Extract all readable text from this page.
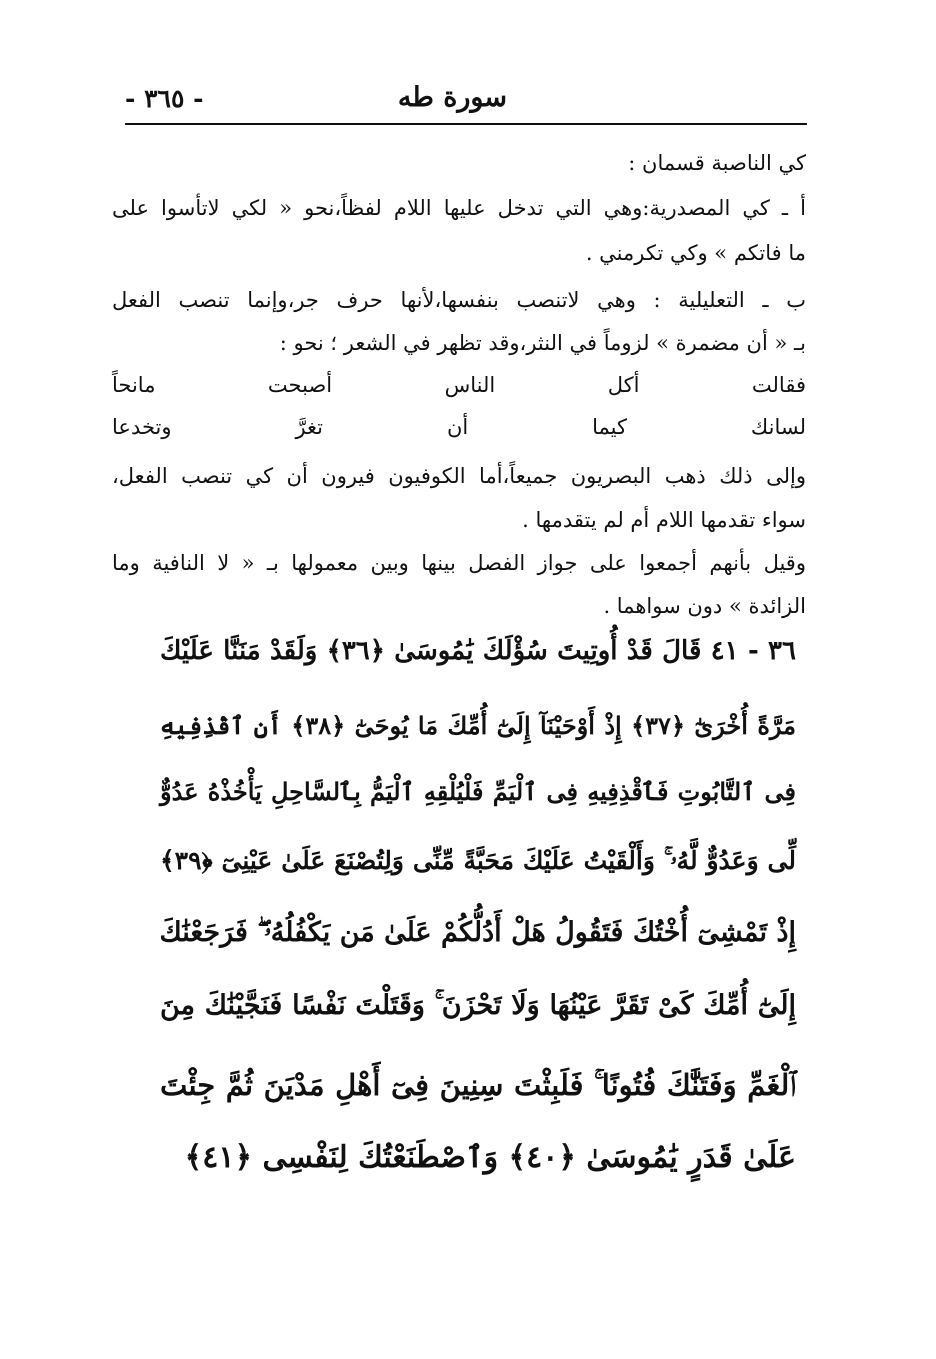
سورة طه
- ٣٦٥ -
كي الناصبة قسمان :
أ ـ كي المصدرية:وهي التي تدخل عليها اللام لفظاً،نحو « لكي لاتأسوا على
ما فاتكم » وكي تكرمني .
ب ـ التعليلية : وهي لاتنصب بنفسها،لأنها حرف جر،وإنما تنصب الفعل
بـ « أن مضمرة » لزوماً في النثر،وقد تظهر في الشعر ؛ نحو :
فقالت أكل الناس أصبحت مانحاً
لسانك
كيما
أن
تغرَّ
وتخدعا
وإلى ذلك ذهب البصريون جميعاً،أما الكوفيون فيرون أن كي تنصب الفعل،
سواء تقدمها اللام أم لم يتقدمها .
وقيل بأنهم أجمعوا على جواز الفصل بينها وبين معمولها بـ « لا النافية وما
الزائدة » دون سواهما .
٣٦ - ٤١ قَالَ قَدْ أُوتِيتَ سُؤْلَكَ يَٰمُوسَىٰ ﴿٣٦﴾ وَلَقَدْ مَنَنَّا عَلَيْكَ
مَرَّةً أُخْرَىٰٓ ﴿٣٧﴾ إِذْ أَوْحَيْنَآ إِلَىٰٓ أُمِّكَ مَا يُوحَىٰٓ ﴿٣٨﴾ أَنِ ٱقْذِفِيهِ
فِى ٱلتَّابُوتِ فَٱقْذِفِيهِ فِى ٱلْيَمِّ فَلْيُلْقِهِ ٱلْيَمُّ بِٱلسَّاحِلِ يَأْخُذْهُ عَدُوٌّ
لِّى وَعَدُوٌّ لَّهُۥ ۚ وَأَلْقَيْتُ عَلَيْكَ مَحَبَّةً مِّنِّى وَلِتُصْنَعَ عَلَىٰ عَيْنِىٓ ﴿٣٩﴾
إِذْ تَمْشِىٓ أُخْتُكَ فَتَقُولُ هَلْ أَدُلُّكُمْ عَلَىٰ مَن يَكْفُلُهُۥ ۖ فَرَجَعْنَٰكَ
إِلَىٰٓ أُمِّكَ كَىْ تَقَرَّ عَيْنُهَا وَلَا تَحْزَنَ ۚ وَقَتَلْتَ نَفْسًا فَنَجَّيْنَٰكَ مِنَ
ٱلْغَمِّ وَفَتَنَّٰكَ فُتُونًا ۚ فَلَبِثْتَ سِنِينَ فِىٓ أَهْلِ مَدْيَنَ ثُمَّ جِئْتَ
عَلَىٰ قَدَرٍ يَٰمُوسَىٰ ﴿٤٠﴾ وَٱصْطَنَعْتُكَ لِنَفْسِى ﴿٤١﴾
